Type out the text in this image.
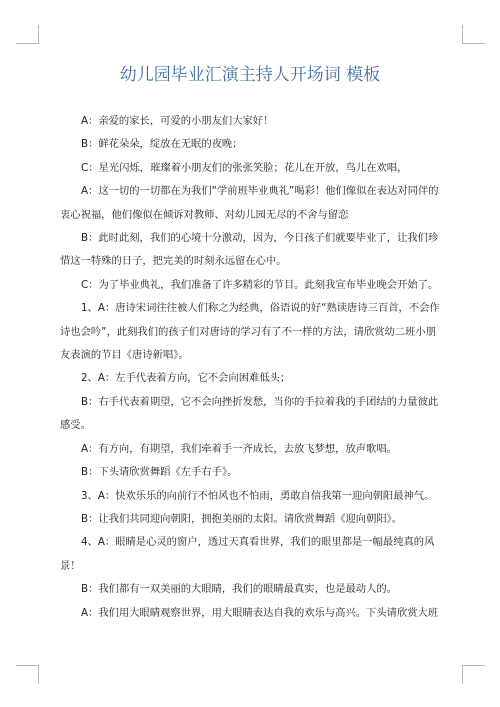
幼儿园毕业汇演主持人开场词 模板

A：亲爱的家长，可爱的小朋友们大家好！

B：鲜花朵朵，绽放在无眠的夜晚；

C：星光闪烁，璀璨着小朋友们的张张笑脸；花儿在开放，鸟儿在欢唱，

A：这一切的一切都在为我们“学前班毕业典礼”喝彩！他们像似在表达对同伴的衷心祝福，他们像似在倾诉对教师、对幼儿园无尽的不舍与留恋

B：此时此刻，我们的心境十分激动，因为，今日孩子们就要毕业了，让我们珍惜这一特殊的日子，把完美的时刻永远留在心中。

C：为了毕业典礼，我们准备了许多精彩的节目。此刻我宣布毕业晚会开始了。

1、A：唐诗宋词往往被人们称之为经典，俗语说的好“熟读唐诗三百首，不会作诗也会吟”，此刻我们的孩子们对唐诗的学习有了不一样的方法，请欣赏幼二班小朋友表演的节目《唐诗新唱》。

2、A：左手代表着方向，它不会向困难低头；

B：右手代表着期望，它不会向挫折发愁，当你的手拉着我的手团结的力量彼此感受。

A：有方向，有期望，我们牵着手一齐成长，去放飞梦想，放声歌唱。

B：下头请欣赏舞蹈《左手右手》。

3、A：快欢乐乐的向前行不怕风也不怕雨，勇敢自信我第一迎向朝阳最神气。

B：让我们共同迎向朝阳，拥抱美丽的太阳。请欣赏舞蹈《迎向朝阳》。

4、A：眼睛是心灵的窗户，透过天真看世界，我们的眼里都是一幅最纯真的风景！

B：我们都有一双美丽的大眼睛，我们的眼睛最真实，也是最动人的。

A：我们用大眼睛观察世界，用大眼睛表达自我的欢乐与高兴。下头请欣赏大班
